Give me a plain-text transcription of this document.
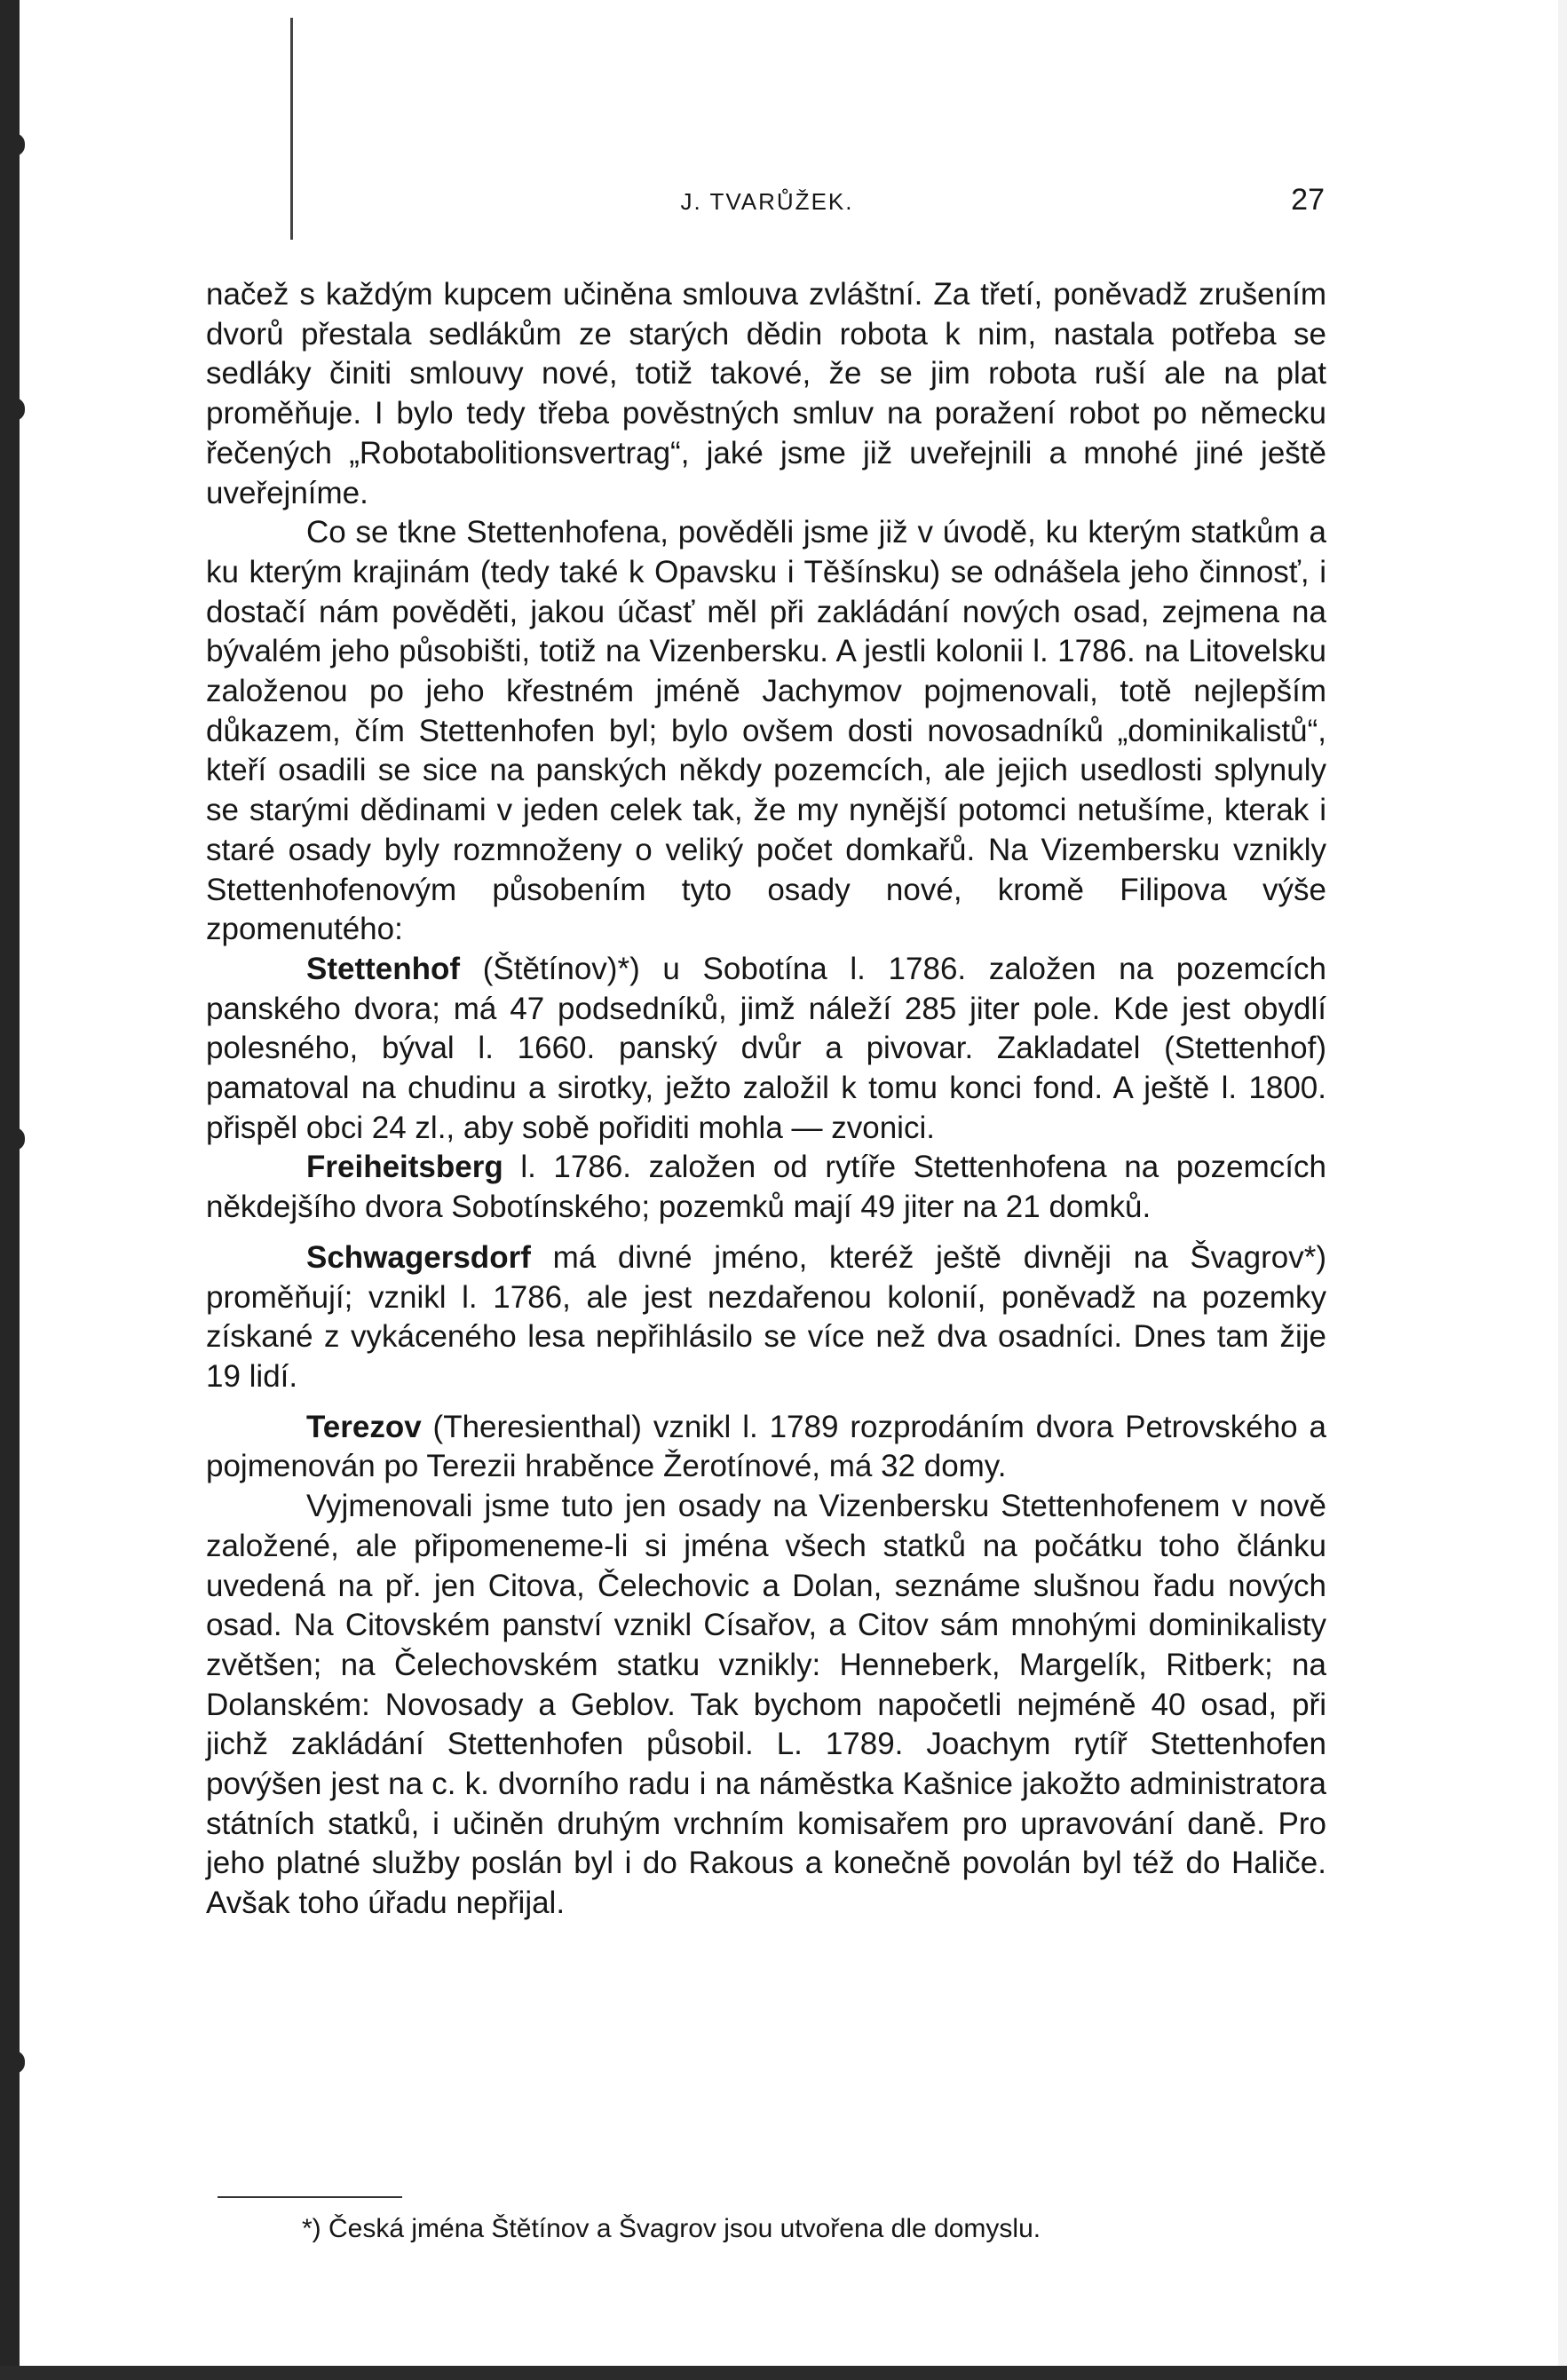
J. TVARŮŽEK.	27

načež s každým kupcem učiněna smlouva zvláštní. Za třetí, poněvadž zrušením dvorů přestala sedlákům ze starých dědin robota k nim, nastala potřeba se sedláky činiti smlouvy nové, totiž takové, že se jim robota ruší ale na plat proměňuje. I bylo tedy třeba pověstných smluv na poražení robot po německu řečených „Robotabolitionsvertrag“, jaké jsme již uveřejnili a mnohé jiné ještě uveřejníme.

Co se tkne Stettenhofena, pověděli jsme již v úvodě, ku kterým statkům a ku kterým krajinám (tedy také k Opavsku i Těšínsku) se odnášela jeho činnosť, i dostačí nám pověděti, jakou účasť měl při zakládání nových osad, zejmena na bývalém jeho působišti, totiž na Vizenbersku. A jestli kolonii l. 1786. na Litovelsku založenou po jeho křestném jméně Jachymov pojmenovali, totě nejlepším důkazem, čím Stettenhofen byl; bylo ovšem dosti novosadníků „dominikalistů“, kteří osadili se sice na panských někdy pozemcích, ale jejich usedlosti splynuly se starými dědinami v jeden celek tak, že my nynější potomci netušíme, kterak i staré osady byly rozmnoženy o veliký počet domkařů. Na Vizembersku vznikly Stettenhofenovým působením tyto osady nové, kromě Filipova výše zpomenutého:

Stettenhof (Štětínov)*) u Sobotína l. 1786. založen na pozemcích panského dvora; má 47 podsedníků, jimž náleží 285 jiter pole. Kde jest obydlí polesného, býval l. 1660. panský dvůr a pivovar. Zakladatel (Stettenhof) pamatoval na chudinu a sirotky, ježto založil k tomu konci fond. A ještě l. 1800. přispěl obci 24 zl., aby sobě pořiditi mohla — zvonici.

Freiheitsberg l. 1786. založen od rytíře Stettenhofena na pozemcích někdejšího dvora Sobotínského; pozemků mají 49 jiter na 21 domků.

Schwagersdorf má divné jméno, kteréž ještě divněji na Švagrov*) proměňují; vznikl l. 1786, ale jest nezdařenou kolonií, poněvadž na pozemky získané z vykáceného lesa nepřihlásilo se více než dva osadníci. Dnes tam žije 19 lidí.

Terezov (Theresienthal) vznikl l. 1789 rozprodáním dvora Petrovského a pojmenován po Terezii hraběnce Žerotínové, má 32 domy.

Vyjmenovali jsme tuto jen osady na Vizenbersku Stettenhofenem v nově založené, ale připomeneme-li si jména všech statků na počátku toho článku uvedená na př. jen Citova, Čelechovic a Dolan, seznáme slušnou řadu nových osad. Na Citovském panství vznikl Císařov, a Citov sám mnohými dominikalisty zvětšen; na Čelechovském statku vznikly: Henneberk, Margelík, Ritberk; na Dolanském: Novosady a Geblov. Tak bychom napočetli nejméně 40 osad, při jichž zakládání Stettenhofen působil. L. 1789. Joachym rytíř Stettenhofen povýšen jest na c. k. dvorního radu i na náměstka Kašnice jakožto administratora státních statků, i učiněn druhým vrchním komisařem pro upravování daně. Pro jeho platné služby poslán byl i do Rakous a konečně povolán byl též do Haliče. Avšak toho úřadu nepřijal.

*) Česká jména Štětínov a Švagrov jsou utvořena dle domyslu.
